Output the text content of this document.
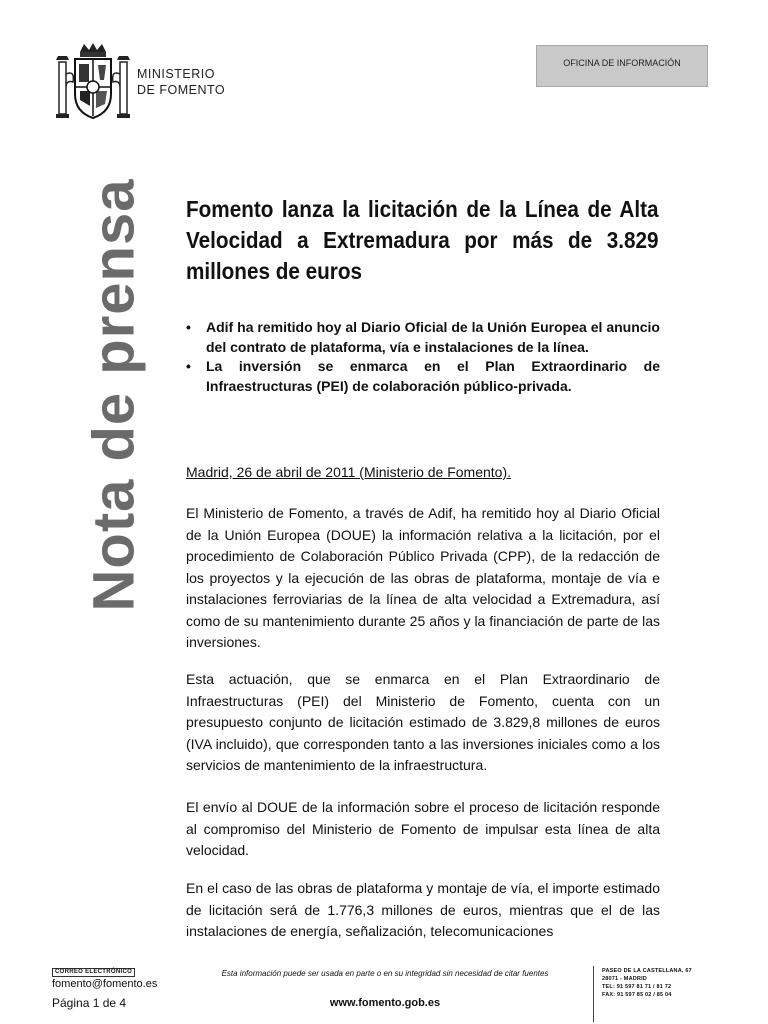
MINISTERIO
DE FOMENTO
OFICINA DE INFORMACIÓN
Nota de prensa Fomento lanza la licitación de la Línea de Alta Velocidad a Extremadura por más de 3.829 millones de euros
• Adif ha remitido hoy al Diario Oficial de la Unión Europea el anuncio del contrato de plataforma, vía e instalaciones de la línea.
• La inversión se enmarca en el Plan Extraordinario de Infraestructuras (PEI) de colaboración público-privada.

Madrid, 26 de abril de 2011 (Ministerio de Fomento).

El Ministerio de Fomento, a través de Adif, ha remitido hoy al Diario Oficial de la Unión Europea (DOUE) la información relativa a la licitación, por el procedimiento de Colaboración Público Privada (CPP), de la redacción de los proyectos y la ejecución de las obras de plataforma, montaje de vía e instalaciones ferroviarias de la línea de alta velocidad a Extremadura, así como de su mantenimiento durante 25 años y la financiación de parte de las inversiones.

Esta actuación, que se enmarca en el Plan Extraordinario de Infraestructuras (PEI) del Ministerio de Fomento, cuenta con un presupuesto conjunto de licitación estimado de 3.829,8 millones de euros (IVA incluido), que corresponden tanto a las inversiones iniciales como a los servicios de mantenimiento de la infraestructura.

El envío al DOUE de la información sobre el proceso de licitación responde al compromiso del Ministerio de Fomento de impulsar esta línea de alta velocidad.

En el caso de las obras de plataforma y montaje de vía, el importe estimado de licitación será de 1.776,3 millones de euros, mientras que el de las instalaciones de energía, señalización, telecomunicaciones

CORREO ELECTRÓNICO
fomento@fomento.es
Página 1 de 4
Esta información puede ser usada en parte o en su integridad sin necesidad de citar fuentes
www.fomento.gob.es
PASEO DE LA CASTELLANA, 67
28071 - MADRID
TEL: 91 597 81 71 / 81 72
FAX: 91 597 85 02 / 85 04
